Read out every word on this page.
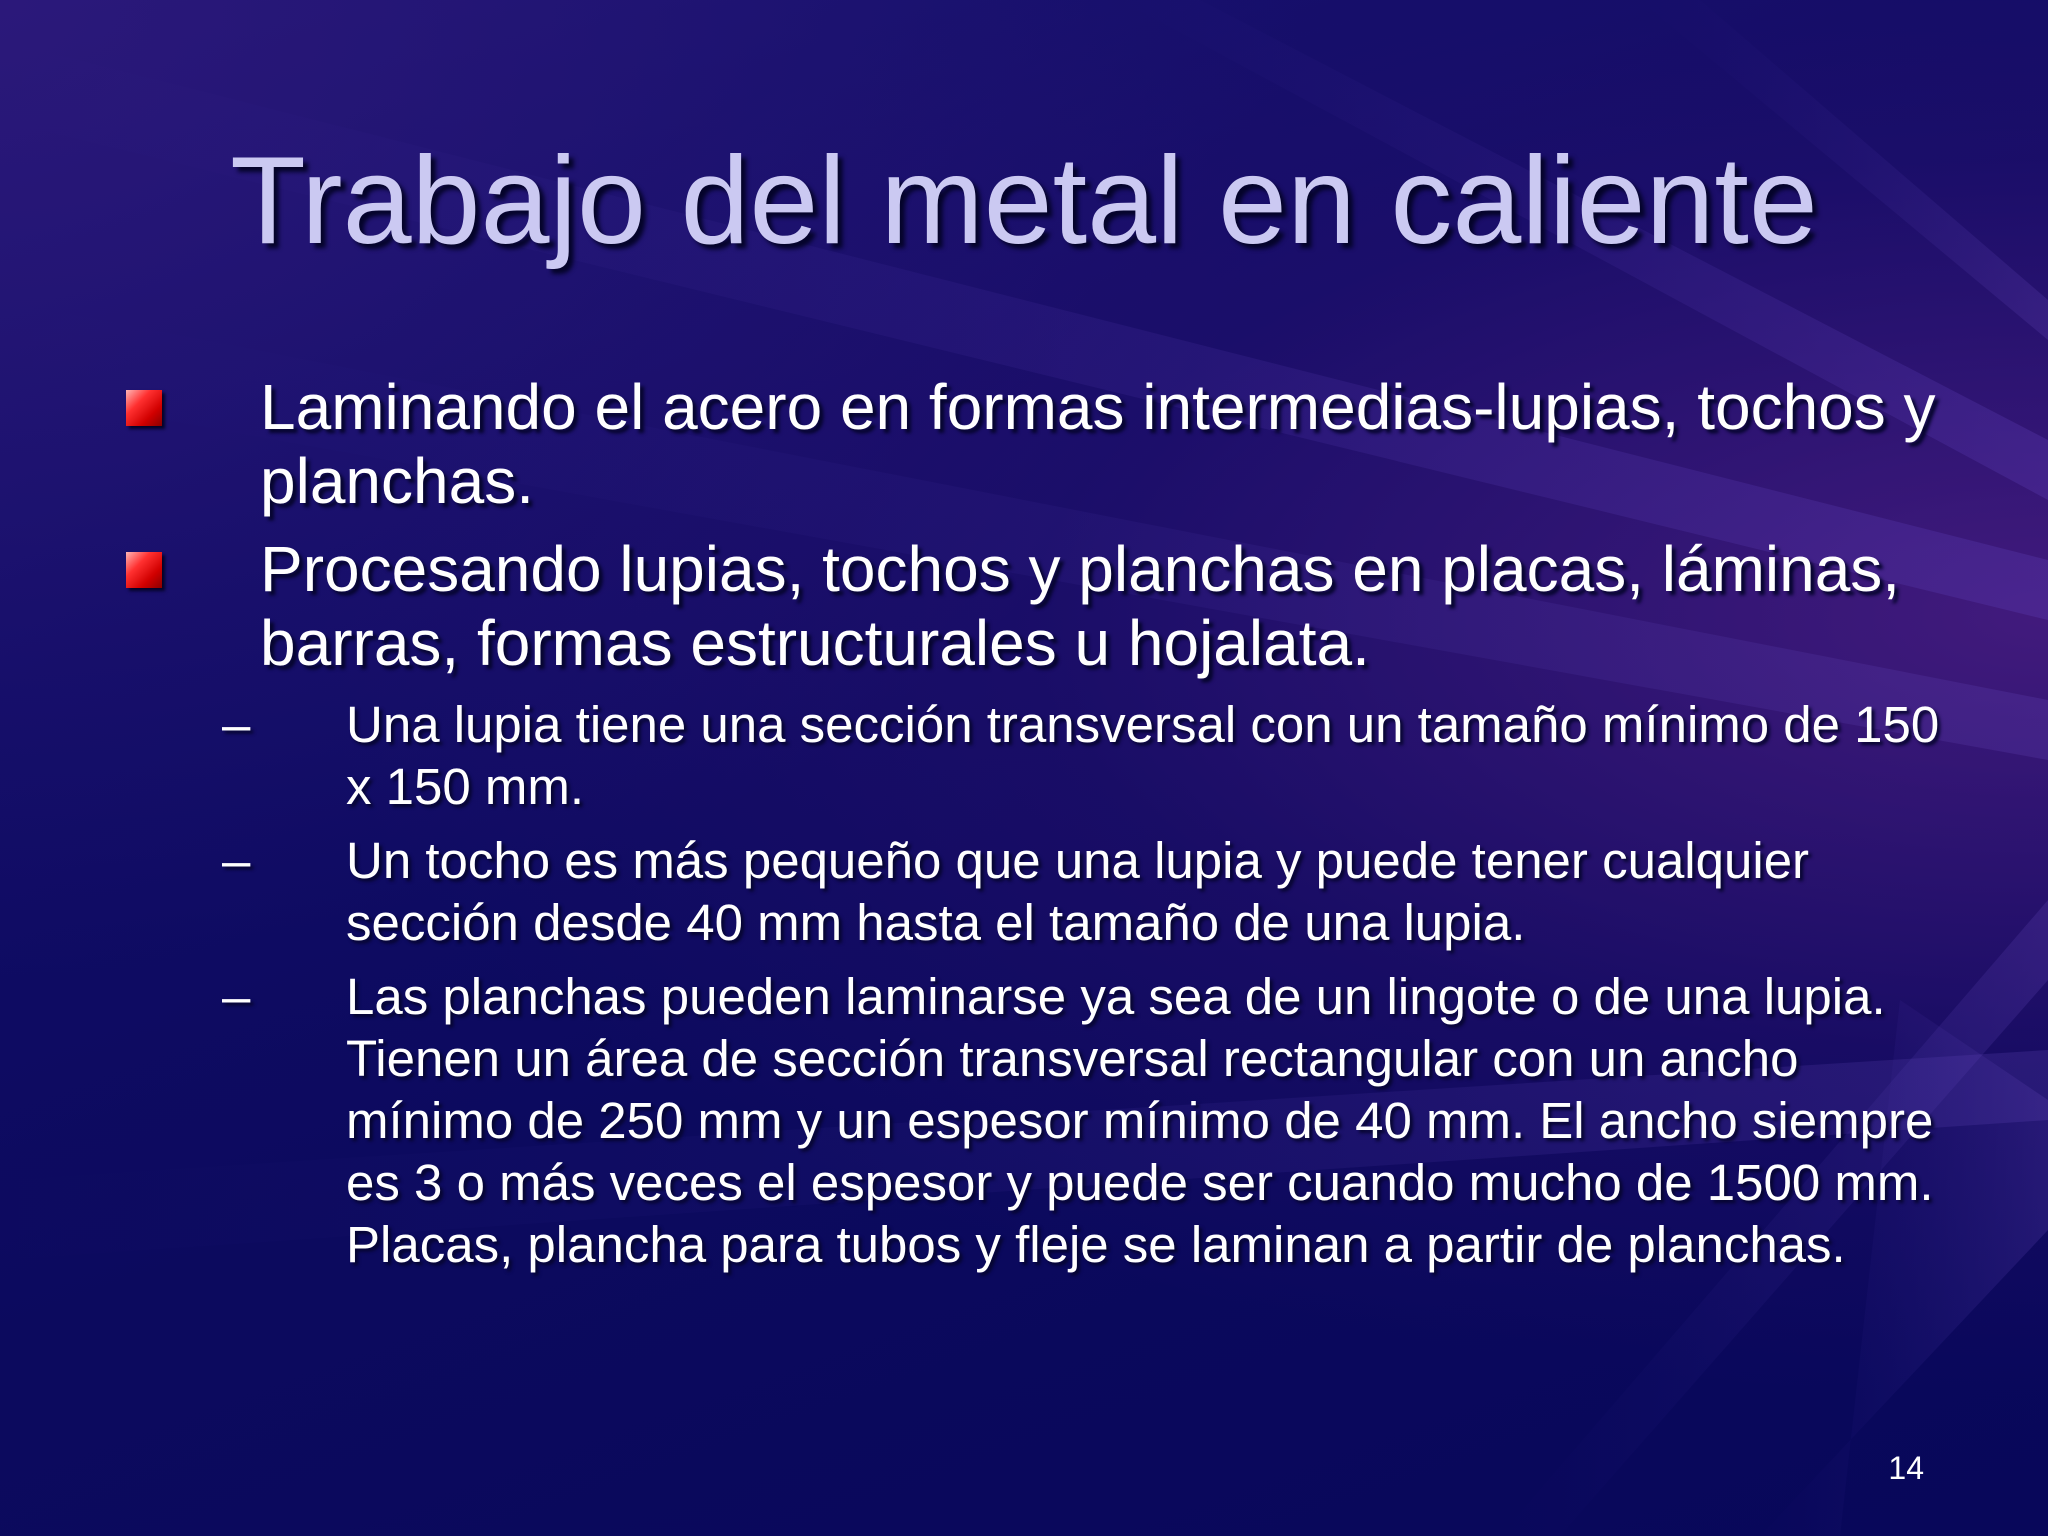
Trabajo del metal en caliente
Laminando el acero en formas intermedias-lupias, tochos y planchas.
Procesando lupias, tochos y planchas en placas, láminas, barras, formas estructurales u hojalata.
– Una lupia tiene una sección transversal con un tamaño mínimo de 150 x 150 mm.
– Un tocho es más pequeño que una lupia y puede tener cualquier sección desde 40 mm hasta el tamaño de una lupia.
– Las planchas pueden laminarse ya sea de un lingote o de una lupia. Tienen un área de sección transversal rectangular con un ancho mínimo de 250 mm y un espesor mínimo de 40 mm. El ancho siempre es 3 o más veces el espesor y puede ser cuando mucho de 1500 mm. Placas, plancha para tubos y fleje se laminan a partir de planchas.
14
